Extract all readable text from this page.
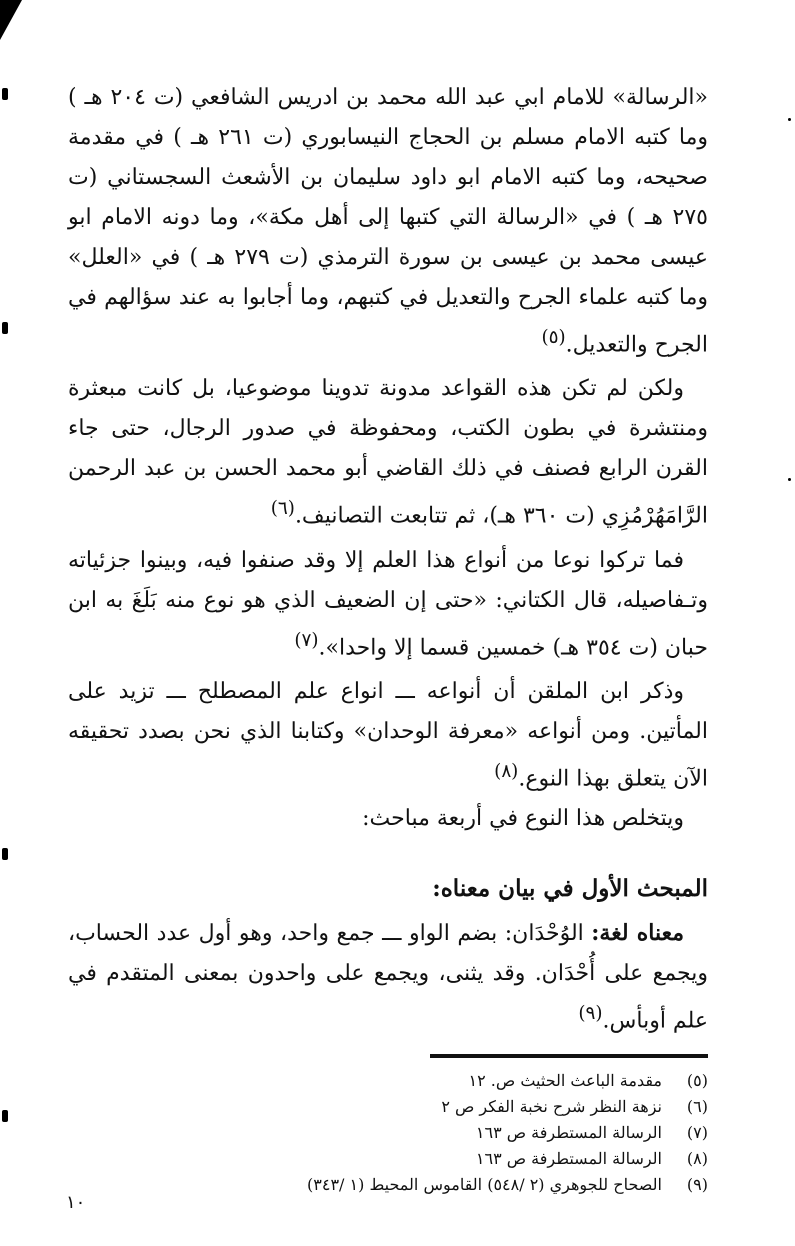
«الرسالة» للامام ابي عبد الله محمد بن ادريس الشافعي (ت ٢٠٤ هـ ) وما كتبه الامام مسلم بن الحجاج النيسابوري (ت ٢٦١ هـ ) في مقدمة صحيحه، وما كتبه الامام ابو داود سليمان بن الأشعث السجستاني (ت ٢٧٥ هـ ) في «الرسالة التي كتبها إلى أهل مكة»، وما دونه الامام ابو عيسى محمد بن عيسى بن سورة الترمذي (ت ٢٧٩ هـ ) في «العلل» وما كتبه علماء الجرح والتعديل في كتبهم، وما أجابوا به عند سؤالهم في الجرح والتعديل.$^{(٥)}$

ولكن لم تكن هذه القواعد مدونة تدوينا موضوعيا، بل كانت مبعثرة ومنتشرة في بطون الكتب، ومحفوظة في صدور الرجال، حتى جاء القرن الرابع فصنف في ذلك القاضي أبو محمد الحسن بن عبد الرحمن الرَّامَهُرْمُزِي (ت ٣٦٠ هـ)، ثم تتابعت التصانيف.$^{(٦)}$

فما تركوا نوعا من أنواع هذا العلم إلا وقد صنفوا فيه، وبينوا جزئياته وتـفاصيله، قال الكتاني: «حتى إن الضعيف الذي هو نوع منه بَلَغَ به ابن حبان (ت ٣٥٤ هـ) خمسين قسما إلا واحدا».$^{(٧)}$

وذكر ابن الملقن أن أنواعه ـــ انواع علم المصطلح ـــ تزيد على المأتين. ومن أنواعه «معرفة الوحدان» وكتابنا الذي نحن بصدد تحقيقه الآن يتعلق بهذا النوع.$^{(٨)}$

ويتخلص هذا النوع في أربعة مباحث:

المبحث الأول في بيان معناه:

معناه لغة: الوُحْدَان: بضم الواو ـــ جمع واحد، وهو أول عدد الحساب، ويجمع على أُحْدَان. وقد يثنى، ويجمع على واحدون بمعنى المتقدم في علم أوبأس.$^{(٩)}$

(٥)
مقدمة الباعث الحثيث ص. ١٢

(٦)
نزهة النظر شرح نخبة الفكر ص ٢

(٧)
الرسالة المستطرفة ص ١٦٣

(٨)
الرسالة المستطرفة ص ١٦٣

(٩)
الصحاح للجوهري (٢ /٥٤٨) القاموس المحيط (١ /٣٤٣)

١٠
